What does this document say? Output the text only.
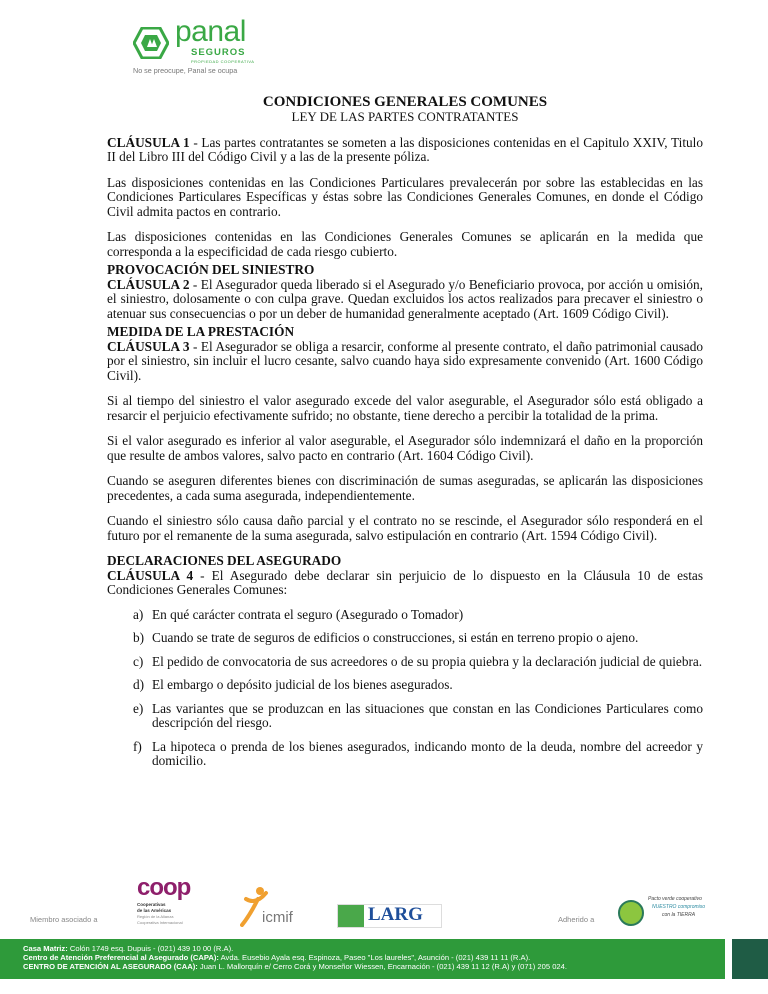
panal
SEGUROS
PROPIEDAD COOPERATIVA
No se preocupe, Panal se ocupa
CONDICIONES GENERALES COMUNES
LEY DE LAS PARTES CONTRATANTES

CLÁUSULA 1 - Las partes contratantes se someten a las disposiciones contenidas en el Capitulo XXIV, Titulo II del Libro III del Código Civil y a las de la presente póliza.

Las disposiciones contenidas en las Condiciones Particulares prevalecerán por sobre las establecidas en las Condiciones Particulares Específicas y éstas sobre las Condiciones Generales Comunes, en donde el Código Civil admita pactos en contrario.

Las disposiciones contenidas en las Condiciones Generales Comunes se aplicarán en la medida que corresponda a la especificidad de cada riesgo cubierto.

PROVOCACIÓN DEL SINIESTRO

CLÁUSULA 2 - El Asegurador queda liberado si el Asegurado y/o Beneficiario provoca, por acción u omisión, el siniestro, dolosamente o con culpa grave. Quedan excluidos los actos realizados para precaver el siniestro o atenuar sus consecuencias o por un deber de humanidad generalmente aceptado (Art. 1609 Código Civil).

MEDIDA DE LA PRESTACIÓN

CLÁUSULA 3 - El Asegurador se obliga a resarcir, conforme al presente contrato, el daño patrimonial causado por el siniestro, sin incluir el lucro cesante, salvo cuando haya sido expresamente convenido (Art. 1600 Código Civil).

Si al tiempo del siniestro el valor asegurado excede del valor asegurable, el Asegurador sólo está obligado a resarcir el perjuicio efectivamente sufrido; no obstante, tiene derecho a percibir la totalidad de la prima.

Si el valor asegurado es inferior al valor asegurable, el Asegurador sólo indemnizará el daño en la proporción que resulte de ambos valores, salvo pacto en contrario (Art. 1604 Código Civil).

Cuando se aseguren diferentes bienes con discriminación de sumas aseguradas, se aplicarán las disposiciones precedentes, a cada suma asegurada, independientemente.

Cuando el siniestro sólo causa daño parcial y el contrato no se rescinde, el Asegurador sólo responderá en el futuro por el remanente de la suma asegurada, salvo estipulación en contrario (Art. 1594 Código Civil).

DECLARACIONES DEL ASEGURADO

CLÁUSULA 4 - El Asegurado debe declarar sin perjuicio de lo dispuesto en la Cláusula 10 de estas Condiciones Generales Comunes:

a) En qué carácter contrata el seguro (Asegurado o Tomador)
b) Cuando se trate de seguros de edificios o construcciones, si están en terreno propio o ajeno.
c) El pedido de convocatoria de sus acreedores o de su propia quiebra y la declaración judicial de quiebra.
d) El embargo o depósito judicial de los bienes asegurados.
e) Las variantes que se produzcan en las situaciones que constan en las Condiciones Particulares como descripción del riesgo.
f) La hipoteca o prenda de los bienes asegurados, indicando monto de la deuda, nombre del acreedor y domicilio.
Miembro asociado a
coop
Cooperativas
de las Américas
Región de la Alianza
Cooperativa Internacional	icmif	LARG	Adherido a
Pacto verde cooperativo
NUESTRO compromiso
con la TIERRA
Casa Matriz: Colón 1749 esq. Dupuis - (021) 439 10 00 (R.A).
Centro de Atención Preferencial al Asegurado (CAPA): Avda. Eusebio Ayala esq. Espinoza, Paseo "Los laureles", Asunción - (021) 439 11 11 (R.A).
CENTRO DE ATENCIÓN AL ASEGURADO (CAA): Juan L. Mallorquín e/ Cerro Corá y Monseñor Wiessen, Encarnación - (021) 439 11 12 (R.A) y (071) 205 024.
